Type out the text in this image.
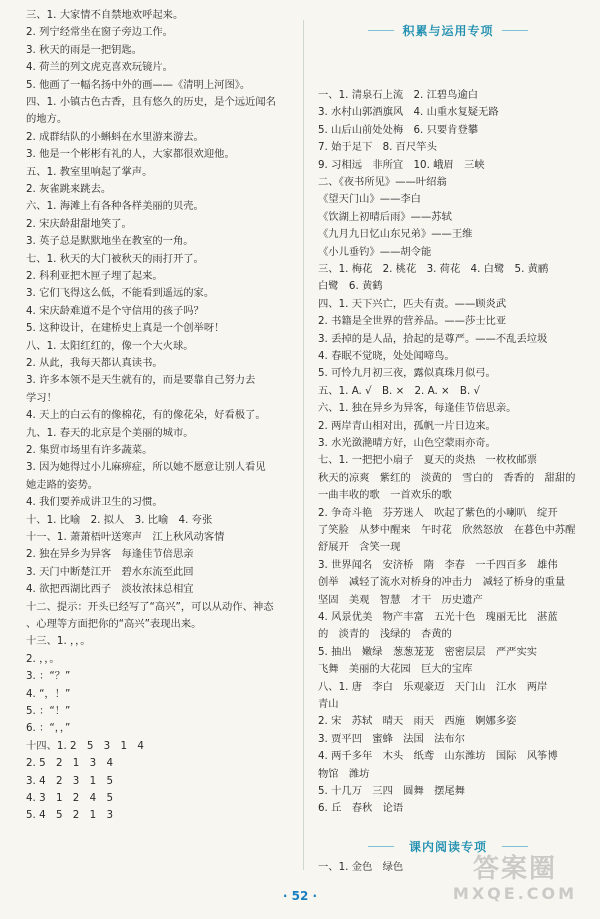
三、1. 大家情不自禁地欢呼起来。
2. 列宁经常坐在窗子旁边工作。
3. 秋天的雨是一把钥匙。
4. 荷兰的列文虎克喜欢玩镜片。
5. 他画了一幅名扬中外的画——《清明上河图》。
四、1. 小镇古色古香，且有悠久的历史，是个远近闻名
的地方。
2. 成群结队的小蝌蚪在水里游来游去。
3. 他是一个彬彬有礼的人，大家都很欢迎他。
五、1. 教室里响起了掌声。
2. 灰雀跳来跳去。
六、1. 海滩上有各种各样美丽的贝壳。
2. 宋庆龄甜甜地笑了。
3. 英子总是默默地坐在教室的一角。
七、1. 秋天的大门被秋天的雨打开了。
2. 科利亚把木匣子埋了起来。
3. 它们飞得这么低，不能看到遥远的家。
4. 宋庆龄难道不是个守信用的孩子吗？
5. 这种设计，在建桥史上真是一个创举呀！
八、1. 太阳红红的，像一个大火球。
2. 从此，我每天都认真读书。
3. 许多本领不是天生就有的，而是要靠自己努力去
学习！
4. 天上的白云有的像棉花，有的像花朵，好看极了。
九、1. 春天的北京是个美丽的城市。
2. 集贸市场里有许多蔬菜。
3. 因为她得过小儿麻痹症，所以她不愿意让别人看见
她走路的姿势。
4. 我们要养成讲卫生的习惯。
十、1. 比喻　2. 拟人　3. 比喻　4. 夸张
十一、1. 萧萧梧叶送寒声　江上秋风动客情
2. 独在异乡为异客　每逢佳节倍思亲
3. 天门中断楚江开　碧水东流至此回
4. 欲把西湖比西子　淡妆浓抹总相宜
十二、提示：开头已经写了“高兴”，可以从动作、神态
、心理等方面把你的“高兴”表现出来。
十三、1. ，，。
2. ，，。
3. ：“？”
4. “，！”
5. ：“！”
6. ：“，，”
十四、1. 2　5　3　1　4
2. 5　2　1　3　4
3. 4　2　3　1　5
4. 3　1　2　4　5
5. 4　5　2　1　3
积累与运用专项
课内阅读专项
一、1. 清泉石上流　2. 江碧鸟逾白
3. 水村山郭酒旗风　4. 山重水复疑无路
5. 山后山前处处梅　6. 只要肯登攀
7. 始于足下　8. 百尺竿头
9. 习相远　非所宜　10. 峨眉　三峡
二、《夜书所见》——叶绍翁
《望天门山》——李白
《饮湖上初晴后雨》——苏轼
《九月九日忆山东兄弟》——王维
《小儿垂钓》——胡令能
三、1. 梅花　2. 桃花　3. 荷花　4. 白鹭　5. 黄鹂
白鹭　6. 黄鹤
四、1. 天下兴亡，匹夫有责。——顾炎武
2. 书籍是全世界的营养品。——莎士比亚
3. 丢掉的是人品，拾起的是尊严。——不乱丢垃圾
4. 春眠不觉晓，处处闻啼鸟。
5. 可怜九月初三夜，露似真珠月似弓。
五、1. A. √　B. ×　2. A. ×　B. √
六、1. 独在异乡为异客，每逢佳节倍思亲。
2. 两岸青山相对出，孤帆一片日边来。
3. 水光潋滟晴方好，山色空蒙雨亦奇。
七、1. 一把把小扇子　夏天的炎热　一枚枚邮票
秋天的凉爽　紫红的　淡黄的　雪白的　香香的　甜甜的
一曲丰收的歌　一首欢乐的歌
2. 争奇斗艳　芬芳迷人　吹起了紫色的小喇叭　绽开
了笑脸　从梦中醒来　午时花　欣然怒放　在暮色中苏醒
舒展开　含笑一现
3. 世界闻名　安济桥　隋　李春　一千四百多　雄伟
创举　减轻了流水对桥身的冲击力　减轻了桥身的重量
坚固　美观　智慧　才干　历史遗产
4. 风景优美　物产丰富　五光十色　瑰丽无比　湛蓝
的　淡青的　浅绿的　杏黄的
5. 抽出　嫩绿　葱葱茏茏　密密层层　严严实实
飞舞　美丽的大花园　巨大的宝库
八、1. 唐　李白　乐观豪迈　天门山　江水　两岸
青山
2. 宋　苏轼　晴天　雨天　西施　婀娜多姿
3. 贾平凹　蜜蜂　法国　法布尔
4. 两千多年　木头　纸鸢　山东潍坊　国际　风筝博
物馆　潍坊
5. 十几万　三四　圆舞　摆尾舞
6. 丘　春秋　论语
一、1. 金色　绿色
· 52 ·
答案圈
MXQE.COM
